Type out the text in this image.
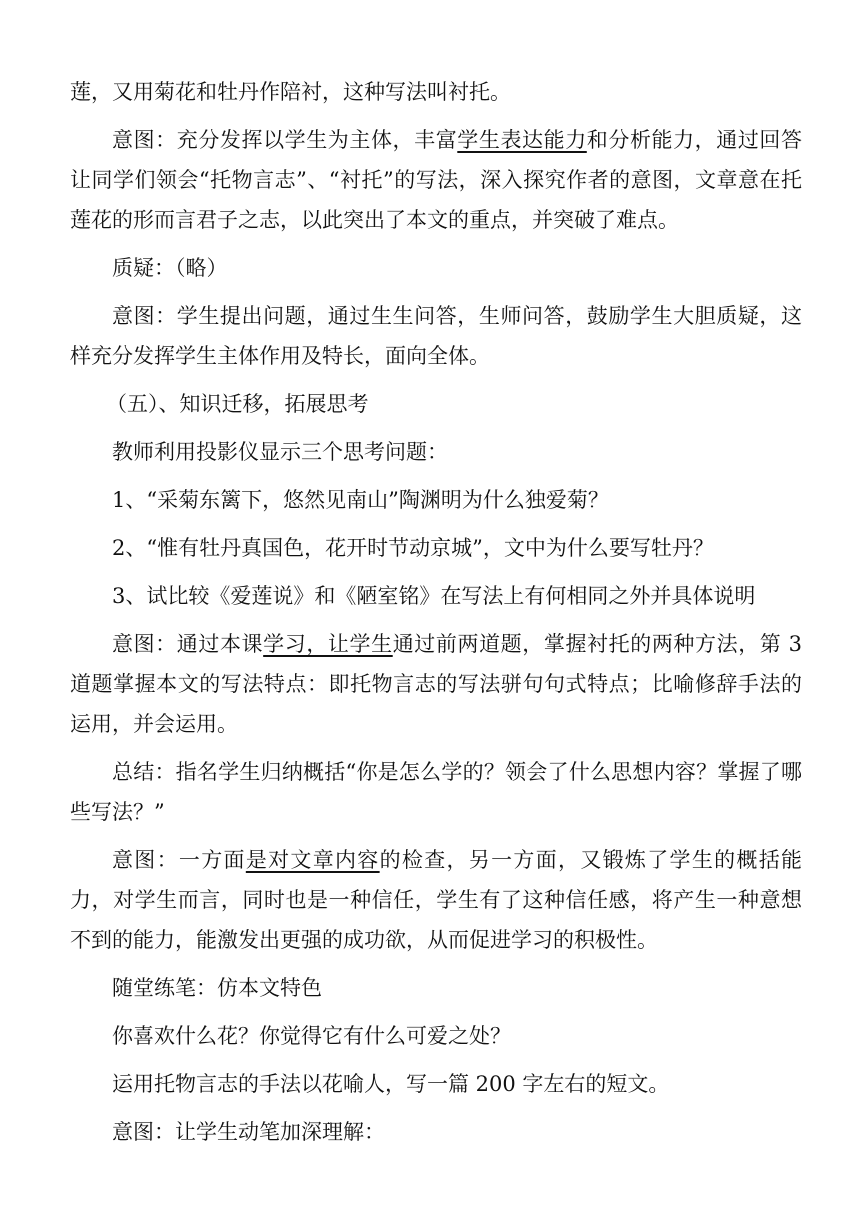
莲，又用菊花和牡丹作陪衬，这种写法叫衬托。

意图：充分发挥以学生为主体，丰富学生表达能力和分析能力，通过回答让同学们领会“托物言志”、“衬托”的写法，深入探究作者的意图，文章意在托莲花的形而言君子之志，以此突出了本文的重点，并突破了难点。

质疑：（略）

意图：学生提出问题，通过生生问答，生师问答，鼓励学生大胆质疑，这样充分发挥学生主体作用及特长，面向全体。

（五）、知识迁移，拓展思考

教师利用投影仪显示三个思考问题：

1、“采菊东篱下，悠然见南山”陶渊明为什么独爱菊？

2、“惟有牡丹真国色，花开时节动京城”，文中为什么要写牡丹？

3、试比较《爱莲说》和《陋室铭》在写法上有何相同之外并具体说明

意图：通过本课学习，让学生通过前两道题，掌握衬托的两种方法，第 3 道题掌握本文的写法特点：即托物言志的写法骈句句式特点；比喻修辞手法的运用，并会运用。

总结：指名学生归纳概括“你是怎么学的？领会了什么思想内容？掌握了哪些写法？”

意图：一方面是对文章内容的检查，另一方面，又锻炼了学生的概括能力，对学生而言，同时也是一种信任，学生有了这种信任感，将产生一种意想不到的能力，能激发出更强的成功欲，从而促进学习的积极性。

随堂练笔：仿本文特色

你喜欢什么花？你觉得它有什么可爱之处？

运用托物言志的手法以花喻人，写一篇 200 字左右的短文。

意图：让学生动笔加深理解：
